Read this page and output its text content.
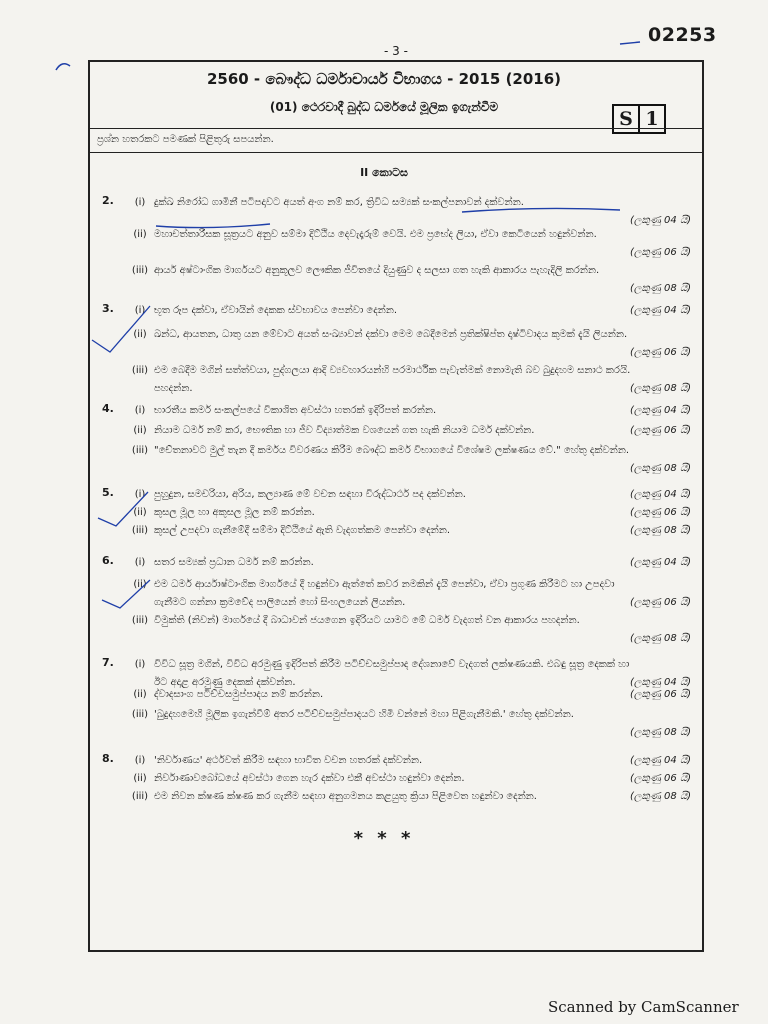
- 3 -
02253
2560 - බෞද්ධ ධර්මාචාර්ය විභාගය - 2015 (2016)
(01) ථෙරවාදී බුද්ධ ධර්මයේ මූලික ඉගැන්වීම
S 1
ප්‍රශ්න හතරකට පමණක් පිළිතුරු සපයන්න.
II කොටස
2.	(i) දුක්ඛ නිරෝධ ගාමිනී පටිපදාවට අයත් අංග නම් කර, ත්‍රිවිධ සම්‍යක් සංකල්පනාවන් දක්වන්න.
(ලකුණු 04 යි)
(ii) මහාචත්තාරීසක සූත්‍රයට අනුව සම්මා දිට්ඨිය දෙවැදෑරුම් වෙයි. එම ප්‍රභේද ලියා, ඒවා කෙටියෙන් හඳුන්වන්න.
(ලකුණු 06 යි)
(iii) ආර්ය අෂ්ටාංගික මාර්ගයට අනුකූලව ලෞකික ජීවිතයේ දියුණුව ද සලසා ගත හැකි ආකාරය පැහැදිලි කරන්න.
(ලකුණු 08 යි)
3.	(i) භූත රූප දක්වා, ඒවායින් දෙකක ස්වභාවය පෙන්වා දෙන්න.	(ලකුණු 04 යි)
(ii) ඛන්ධ, ආයතන, ධාතු යන මේවාට අයත් සංඛ්‍යාවන් දක්වා මෙම බෙදීමෙන් ප්‍රතික්ෂිප්ත දෘෂ්ටිවාදය කුමක් දැයි ලියන්න.
(ලකුණු 06 යි)
(iii) එම බෙදීම මගින් සත්ත්වයා, පුද්ගලයා ආදි ව්‍යවහාරයන්හි පරමාර්ථික පැවැත්මක් නොමැති බව බුදුදහම සනාථ කරයි. පහදන්න.	(ලකුණු 08 යි)
4.	(i) භාරතීය කර්ම සංකල්පයේ විකාශිත අවස්ථා හතරක් ඉදිරිපත් කරන්න.	(ලකුණු 04 යි)
(ii) නියාම ධර්ම නම් කර, භෞතික හා ජීව විද්‍යාත්මක වශයෙන් ගත හැකි නියාම ධර්ම දක්වන්න.	(ලකුණු 06 යි)
(iii) "චේතනාවට මුල් තැන දී කර්මය විවරණය කිරීම බෞද්ධ කර්ම විභාගයේ විශේෂම ලක්ෂණය වේ." හේතු දක්වන්න.
(ලකුණු 08 යි)
5.	(i) පුහුදුන, සමචරියා, අරිය, කල්‍යාණ මේ වචන සඳහා විරුද්ධාර්ථ පද දක්වන්න.	(ලකුණු 04 යි)
(ii) කුසල මූල හා අකුසල මූල නම් කරන්න.	(ලකුණු 06 යි)
(iii) කුසල් උපදවා ගැනීමේදී සම්මා දිට්ඨියේ ඇති වැදගත්කම පෙන්වා දෙන්න.	(ලකුණු 08 යි)
6.	(i) සතර සම්‍යක් ප්‍රධාන ධර්ම නම් කරන්න.	(ලකුණු 04 යි)
(ii) එම ධර්ම ආර්යාෂ්ටාංගික මාර්ගයේ දී හඳුන්වා ඇත්තේ කවර නමකින් දැයි පෙන්වා, ඒවා ප්‍රගුණ කිරීමට හා උපදවා ගැනීමට ගන්නා ක්‍රමවේද පාලියෙන් හෝ සිංහලයෙන් ලියන්න.	(ලකුණු 06 යි)
(iii) විමුක්ති (නිවන්) මාර්ගයේ දී බාධාවන් ජයගෙන ඉදිරියට යාමට මේ ධර්ම වැදගත් වන ආකාරය පහදන්න.
(ලකුණු 08 යි)
7.	(i) විවිධ සූත්‍ර මගින්, විවිධ අරමුණු ඉදිරිපත් කිරීම පටිච්චසමුප්පාද දේශනාවේ වැදගත් ලක්ෂණයකි. එබඳු සූත්‍ර දෙකක් හා ඊට අදාළ අරමුණු දෙකක් දක්වන්න.	(ලකුණු 04 යි)
(ii) ද්වාදසාංග පටිච්චසමුප්පාදය නම් කරන්න.	(ලකුණු 06 යි)
(iii) 'බුදුදහමෙහි මූලික ඉගැන්වීම් අතර පටිච්චසමුප්පාදයට හිමි වන්නේ මහා පිළිගැනීමකි.' හේතු දක්වන්න.
(ලකුණු 08 යි)
8.	(i) 'නිර්වාණය' අර්ථවත් කිරීම සඳහා භාවිත වචන හතරක් දක්වන්න.	(ලකුණු 04 යි)
(ii) නිර්වාණාවබෝධයේ අවස්ථා ගෙන හැර දක්වා එකී අවස්ථා හඳුන්වා දෙන්න.	(ලකුණු 06 යි)
(iii) එම නිවන ක්ෂණ ක්ෂණ කර ගැනීම සඳහා අනුගමනය කළයුතු ක්‍රියා පිළිවෙත හඳුන්වා දෙන්න.	(ලකුණු 08 යි)
* * *
Scanned by CamScanner
